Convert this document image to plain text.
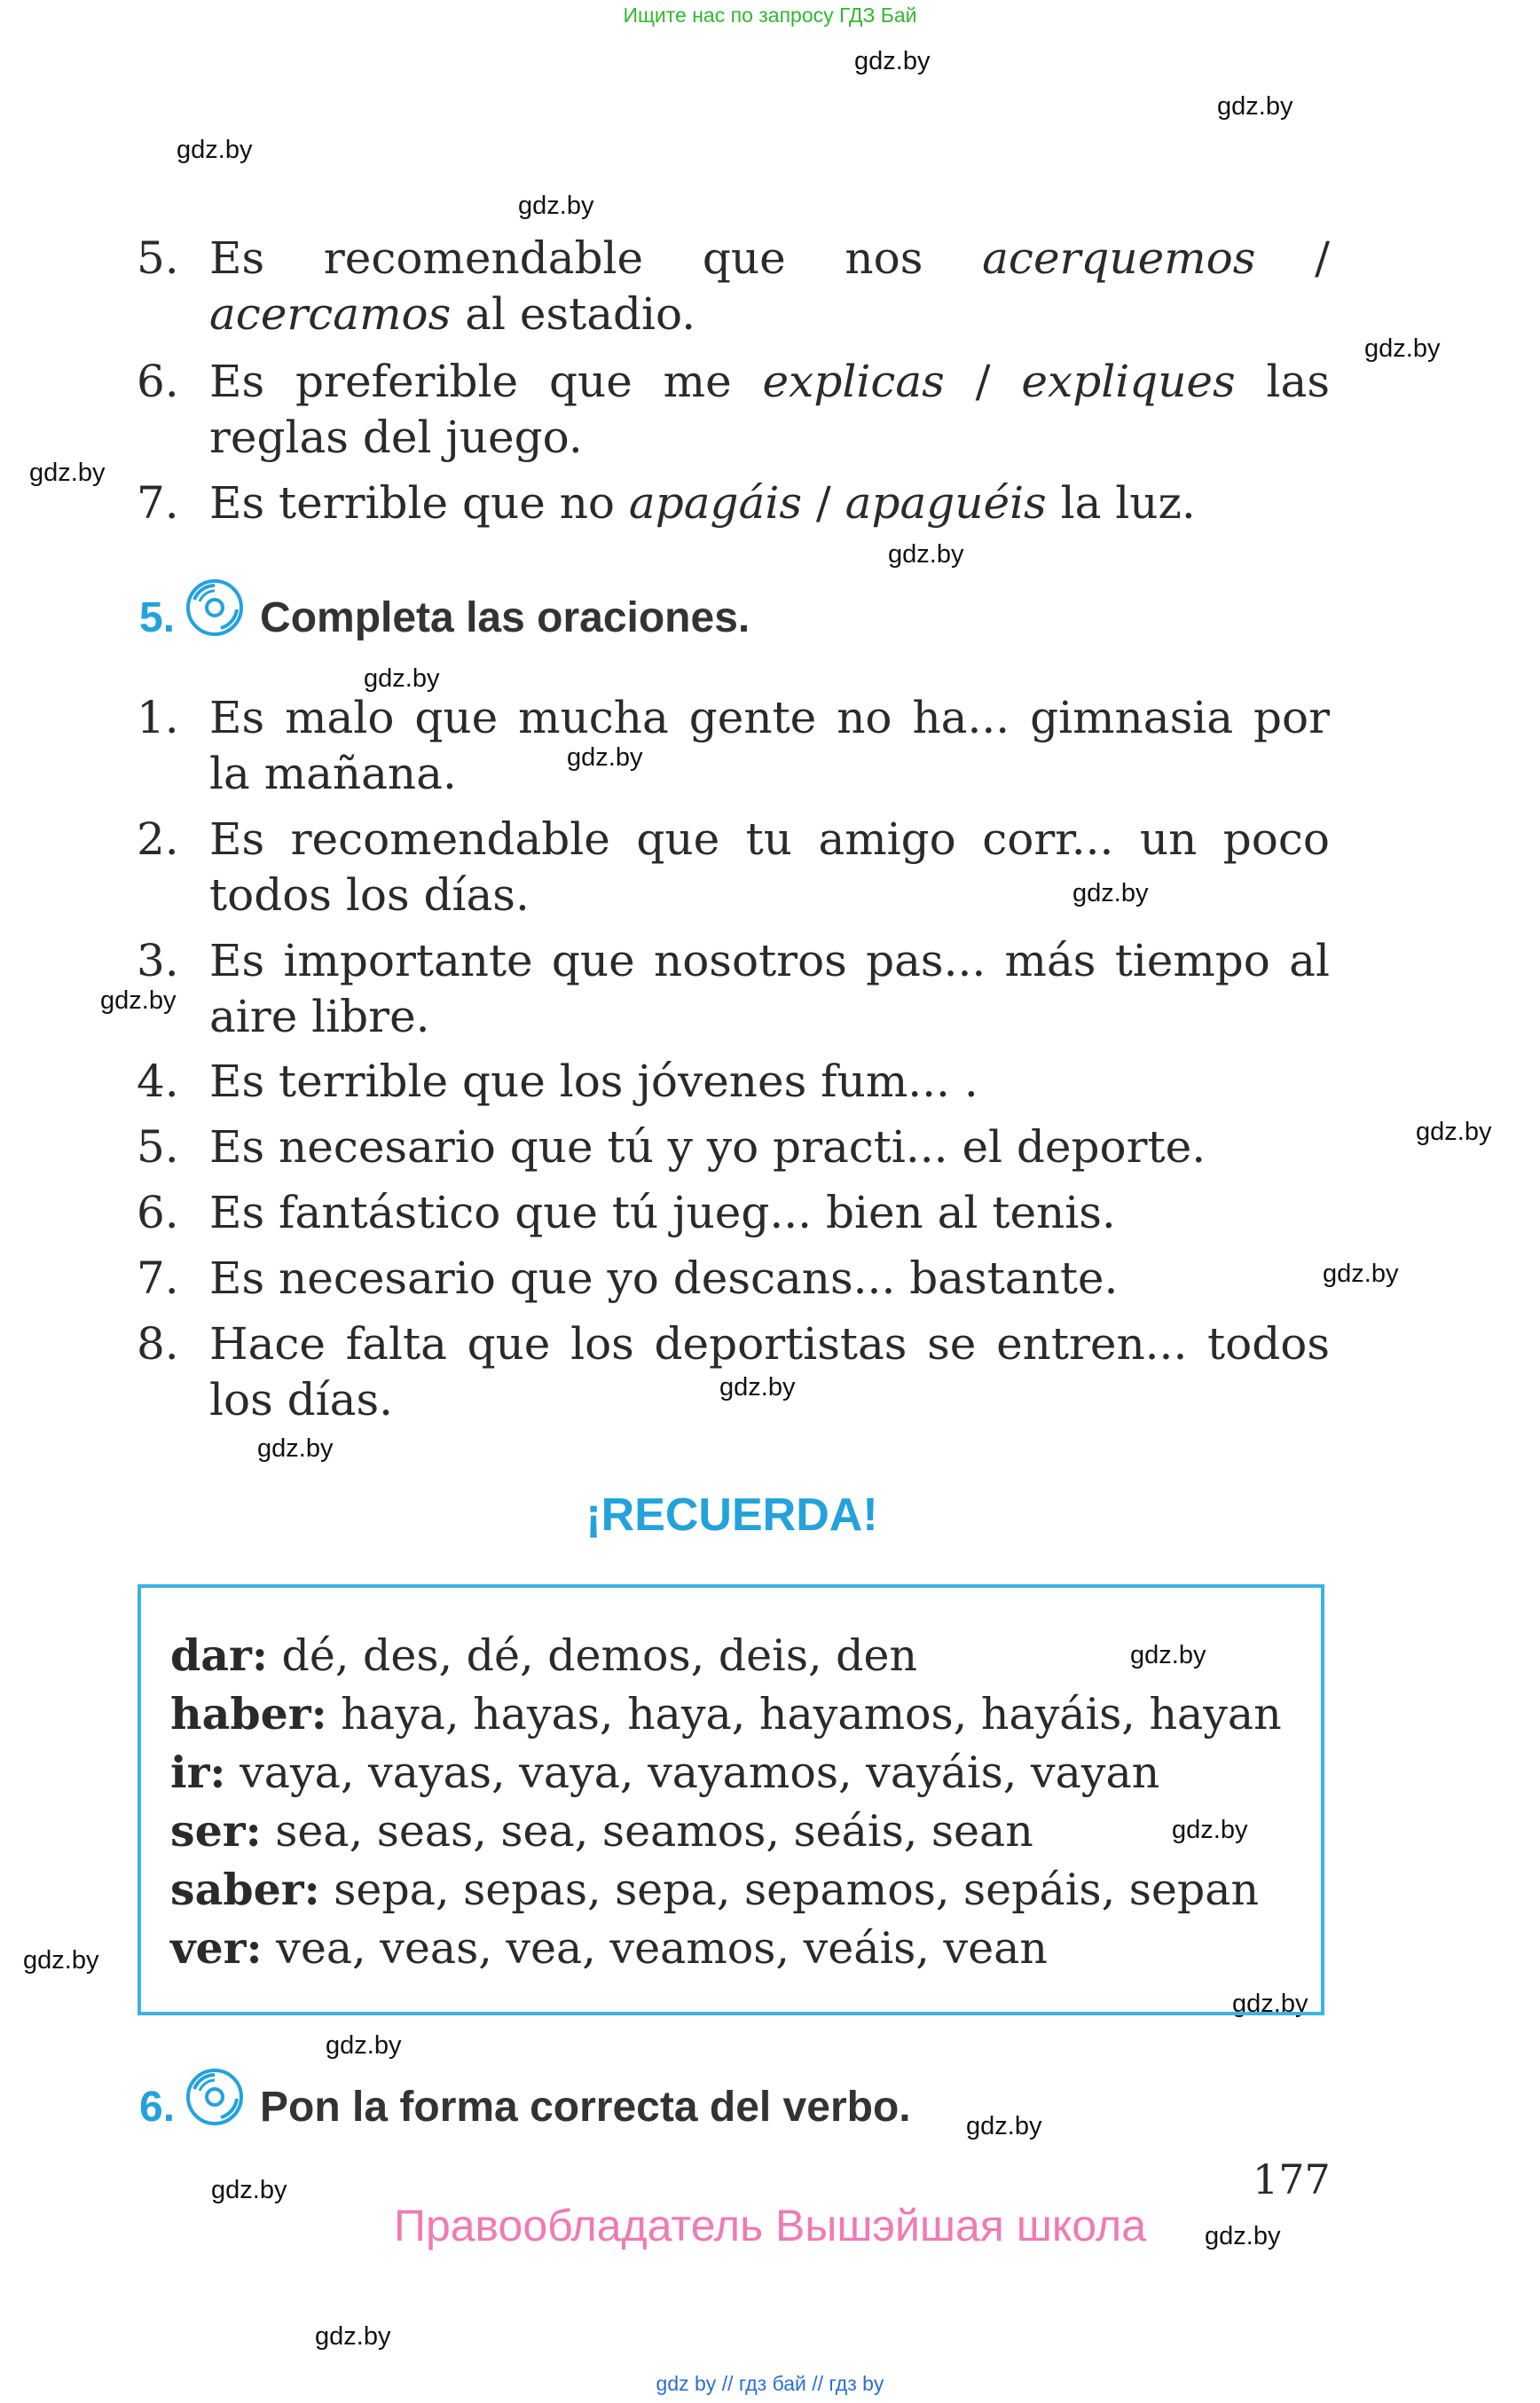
Ищите нас по запросу ГДЗ Бай
gdz.by
gdz.by
gdz.by
gdz.by
gdz.by
gdz.by
gdz.by
gdz.by
gdz.by
gdz.by
gdz.by
gdz.by
gdz.by
gdz.by
gdz.by
gdz.by
gdz.by
gdz.by
gdz.by
gdz.by
gdz.by
gdz.by
gdz.by
gdz.by
5. Es recomendable que nos acerquemos / acercamos al estadio.
6. Es preferible que me explicas / expliques las reglas del juego.
7. Es terrible que no apagáis / apaguéis la luz.
5. Completa las oraciones.
1. Es malo que mucha gente no ha... gimnasia por la mañana.
2. Es recomendable que tu amigo corr... un poco todos los días.
3. Es importante que nosotros pas... más tiempo al aire libre.
4. Es terrible que los jóvenes fum... .
5. Es necesario que tú y yo practi... el deporte.
6. Es fantástico que tú jueg... bien al tenis.
7. Es necesario que yo descans... bastante.
8. Hace falta que los deportistas se entren... todos los días.
¡RECUERDA!
dar: dé, des, dé, demos, deis, den
haber: haya, hayas, haya, hayamos, hayáis, hayan
ir: vaya, vayas, vaya, vayamos, vayáis, vayan
ser: sea, seas, sea, seamos, seáis, sean
saber: sepa, sepas, sepa, sepamos, sepáis, sepan
ver: vea, veas, vea, veamos, veáis, vean
6. Pon la forma correcta del verbo.
177
Правообладатель Вышэйшая школа
gdz by // гдз бай // гдз by
